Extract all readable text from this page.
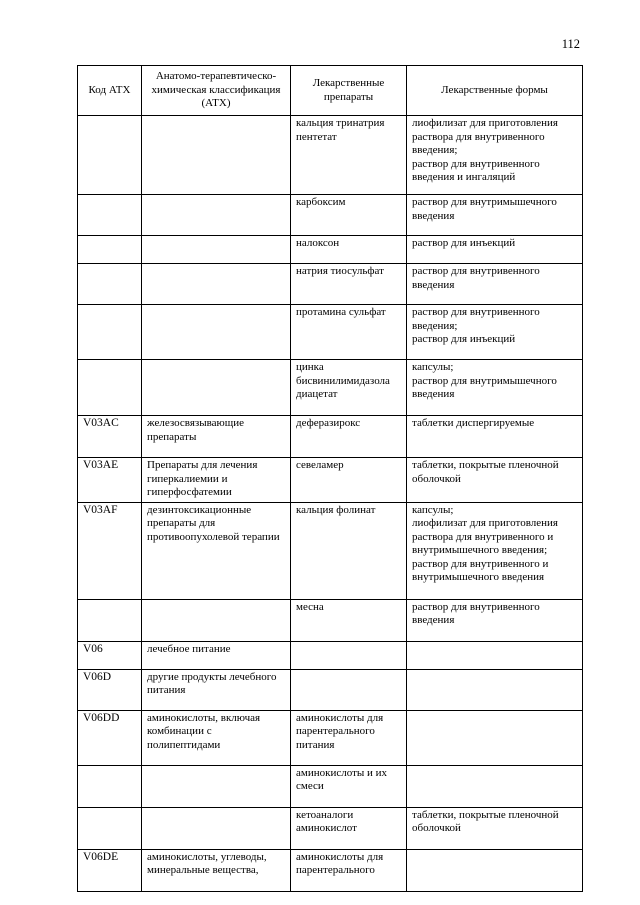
112
Код АТХ	Анатомо-терапевтическо-химическая классификация (АТХ)	Лекарственные препараты	Лекарственные формы
		кальция тринатрия пентетат	лиофилизат для приготовления раствора для внутривенного введения;
раствор для внутривенного введения и ингаляций

		карбоксим	раствор для внутримышечного введения

		налоксон	раствор для инъекций

		натрия тиосульфат	раствор для внутривенного введения

		протамина сульфат	раствор для внутривенного введения;
раствор для инъекций

		цинка бисвинилимидазола диацетат	капсулы;
раствор для внутримышечного введения

V03AC	железосвязывающие препараты	деферазирокс	таблетки диспергируемые

V03AE	Препараты для лечения гиперкалиемии и гиперфосфатемии	севеламер	таблетки, покрытые пленочной оболочкой

V03AF	дезинтоксикационные препараты для противоопухолевой терапии	кальция фолинат	капсулы;
лиофилизат для приготовления раствора для внутривенного и внутримышечного введения;
раствор для внутривенного и внутримышечного введения

		месна	раствор для внутривенного введения

V06	лечебное питание		
V06D	другие продукты лечебного питания		
V06DD	аминокислоты, включая комбинации с полипептидами	аминокислоты для парентерального питания	
		аминокислоты и их смеси	
		кетоаналоги аминокислот	таблетки, покрытые пленочной оболочкой

V06DE	аминокислоты, углеводы, минеральные вещества,	аминокислоты для парентерального	
